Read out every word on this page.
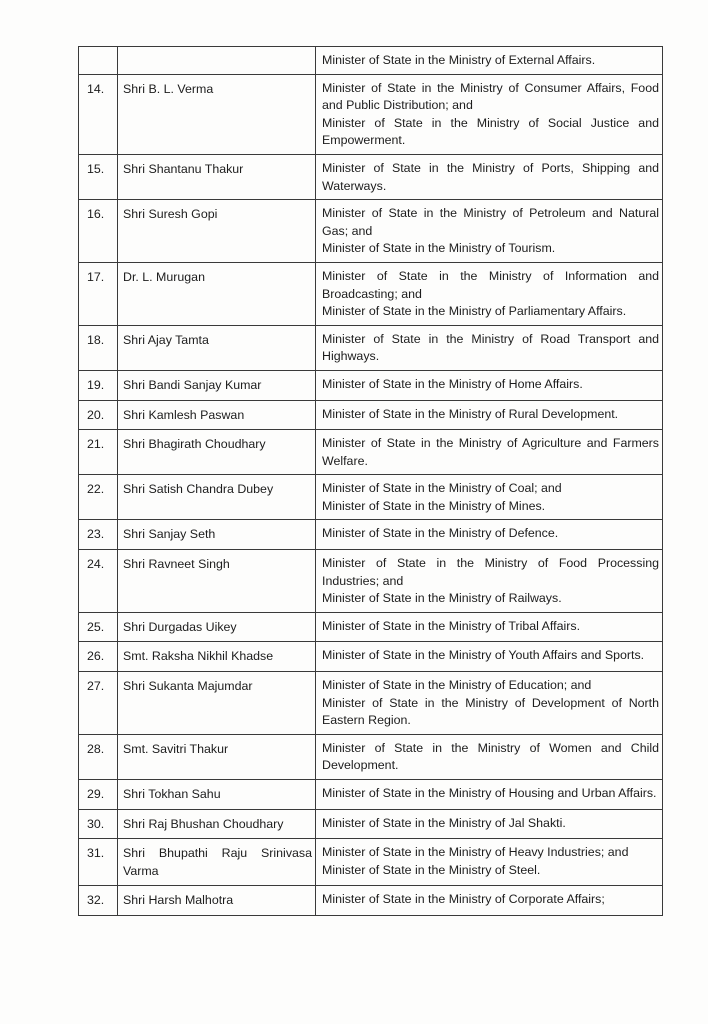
		Minister of State in the Ministry of External Affairs.

14.	Shri B. L. Verma	Minister of State in the Ministry of Consumer Affairs, Food and Public Distribution; and
Minister of State in the Ministry of Social Justice and Empowerment.

15.	Shri Shantanu Thakur	Minister of State in the Ministry of Ports, Shipping and Waterways.

16.	Shri Suresh Gopi	Minister of State in the Ministry of Petroleum and Natural Gas; and
Minister of State in the Ministry of Tourism.

17.	Dr. L. Murugan	Minister of State in the Ministry of Information and Broadcasting; and
Minister of State in the Ministry of Parliamentary Affairs.

18.	Shri Ajay Tamta	Minister of State in the Ministry of Road Transport and Highways.

19.	Shri Bandi Sanjay Kumar	Minister of State in the Ministry of Home Affairs.

20.	Shri Kamlesh Paswan	Minister of State in the Ministry of Rural Development.

21.	Shri Bhagirath Choudhary	Minister of State in the Ministry of Agriculture and Farmers Welfare.

22.	Shri Satish Chandra Dubey	Minister of State in the Ministry of Coal; and
Minister of State in the Ministry of Mines.

23.	Shri Sanjay Seth	Minister of State in the Ministry of Defence.

24.	Shri Ravneet Singh	Minister of State in the Ministry of Food Processing Industries; and
Minister of State in the Ministry of Railways.

25.	Shri Durgadas Uikey	Minister of State in the Ministry of Tribal Affairs.

26.	Smt. Raksha Nikhil Khadse	Minister of State in the Ministry of Youth Affairs and Sports.

27.	Shri Sukanta Majumdar	Minister of State in the Ministry of Education; and
Minister of State in the Ministry of Development of North Eastern Region.

28.	Smt. Savitri Thakur	Minister of State in the Ministry of Women and Child Development.

29.	Shri Tokhan Sahu	Minister of State in the Ministry of Housing and Urban Affairs.

30.	Shri Raj Bhushan Choudhary	Minister of State in the Ministry of Jal Shakti.

31.	Shri Bhupathi Raju Srinivasa Varma	Minister of State in the Ministry of Heavy Industries; and
Minister of State in the Ministry of Steel.

32.	Shri Harsh Malhotra	Minister of State in the Ministry of Corporate Affairs;
